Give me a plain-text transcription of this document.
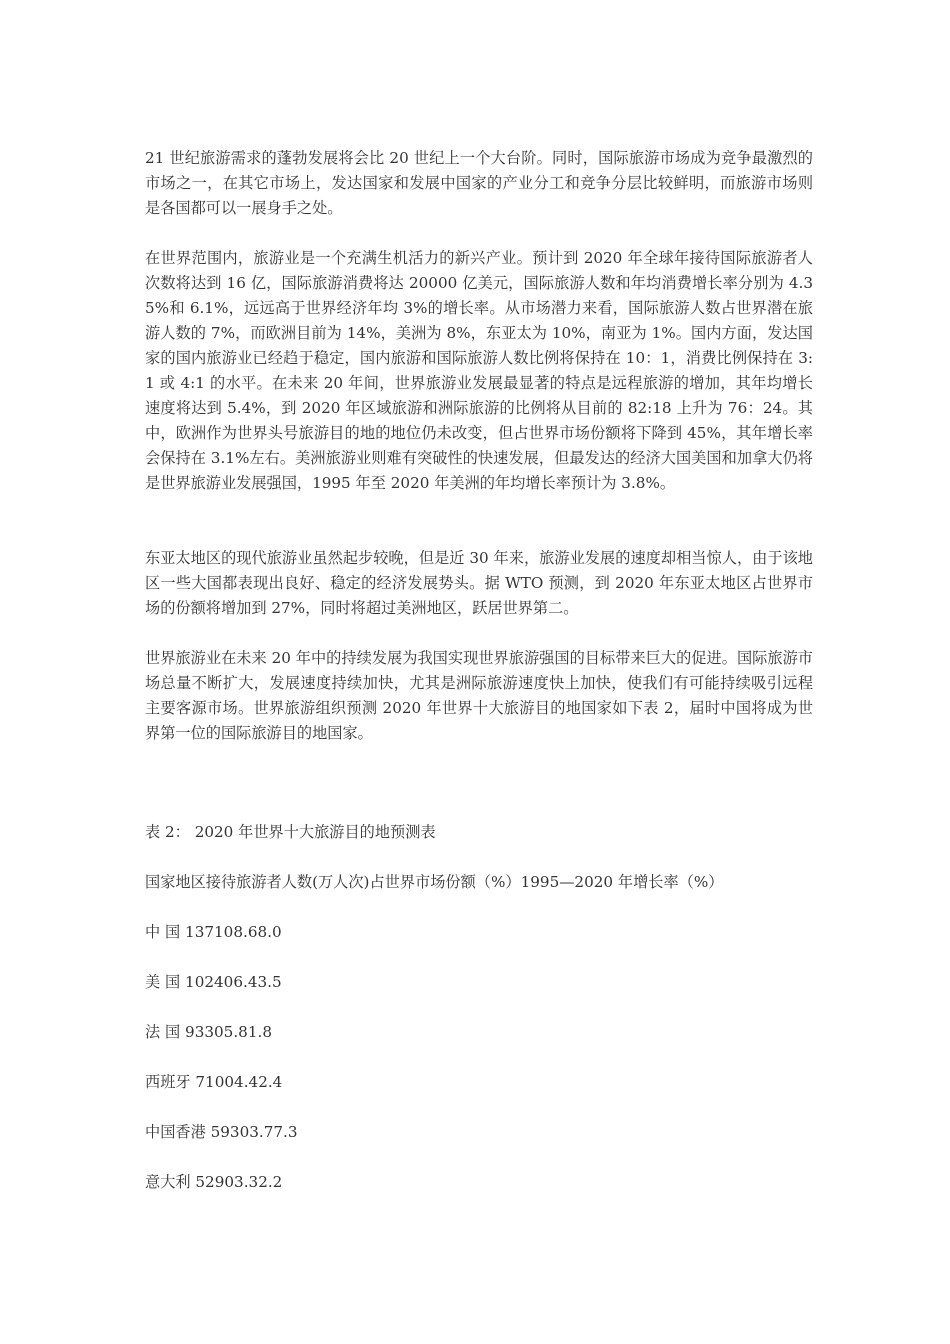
21 世纪旅游需求的蓬勃发展将会比 20 世纪上一个大台阶。同时，国际旅游市场成为竞争最激烈的市场之一，在其它市场上，发达国家和发展中国家的产业分工和竞争分层比较鲜明，而旅游市场则是各国都可以一展身手之处。

在世界范围内，旅游业是一个充满生机活力的新兴产业。预计到 2020 年全球年接待国际旅游者人次数将达到 16 亿，国际旅游消费将达 20000 亿美元，国际旅游人数和年均消费增长率分别为 4.35%和 6.1%，远远高于世界经济年均 3%的增长率。从市场潜力来看，国际旅游人数占世界潜在旅游人数的 7%，而欧洲目前为 14%，美洲为 8%，东亚太为 10%，南亚为 1%。国内方面，发达国家的国内旅游业已经趋于稳定，国内旅游和国际旅游人数比例将保持在 10：1，消费比例保持在 3:1 或 4:1 的水平。在未来 20 年间，世界旅游业发展最显著的特点是远程旅游的增加，其年均增长速度将达到 5.4%，到 2020 年区域旅游和洲际旅游的比例将从目前的 82:18 上升为 76：24。其中，欧洲作为世界头号旅游目的地的地位仍未改变，但占世界市场份额将下降到 45%，其年增长率会保持在 3.1%左右。美洲旅游业则难有突破性的快速发展，但最发达的经济大国美国和加拿大仍将是世界旅游业发展强国，1995 年至 2020 年美洲的年均增长率预计为 3.8%。

东亚太地区的现代旅游业虽然起步较晚，但是近 30 年来，旅游业发展的速度却相当惊人，由于该地区一些大国都表现出良好、稳定的经济发展势头。据 WTO 预测，到 2020 年东亚太地区占世界市场的份额将增加到 27%，同时将超过美洲地区，跃居世界第二。

世界旅游业在未来 20 年中的持续发展为我国实现世界旅游强国的目标带来巨大的促进。国际旅游市场总量不断扩大，发展速度持续加快，尤其是洲际旅游速度快上加快，使我们有可能持续吸引远程主要客源市场。世界旅游组织预测 2020 年世界十大旅游目的地国家如下表 2，届时中国将成为世界第一位的国际旅游目的地国家。

表 2： 2020 年世界十大旅游目的地预测表

国家地区接待旅游者人数(万人次)占世界市场份额（%）1995—2020 年增长率（%）

中 国 137108.68.0

美 国 102406.43.5

法 国 93305.81.8

西班牙 71004.42.4

中国香港 59303.77.3

意大利 52903.32.2
